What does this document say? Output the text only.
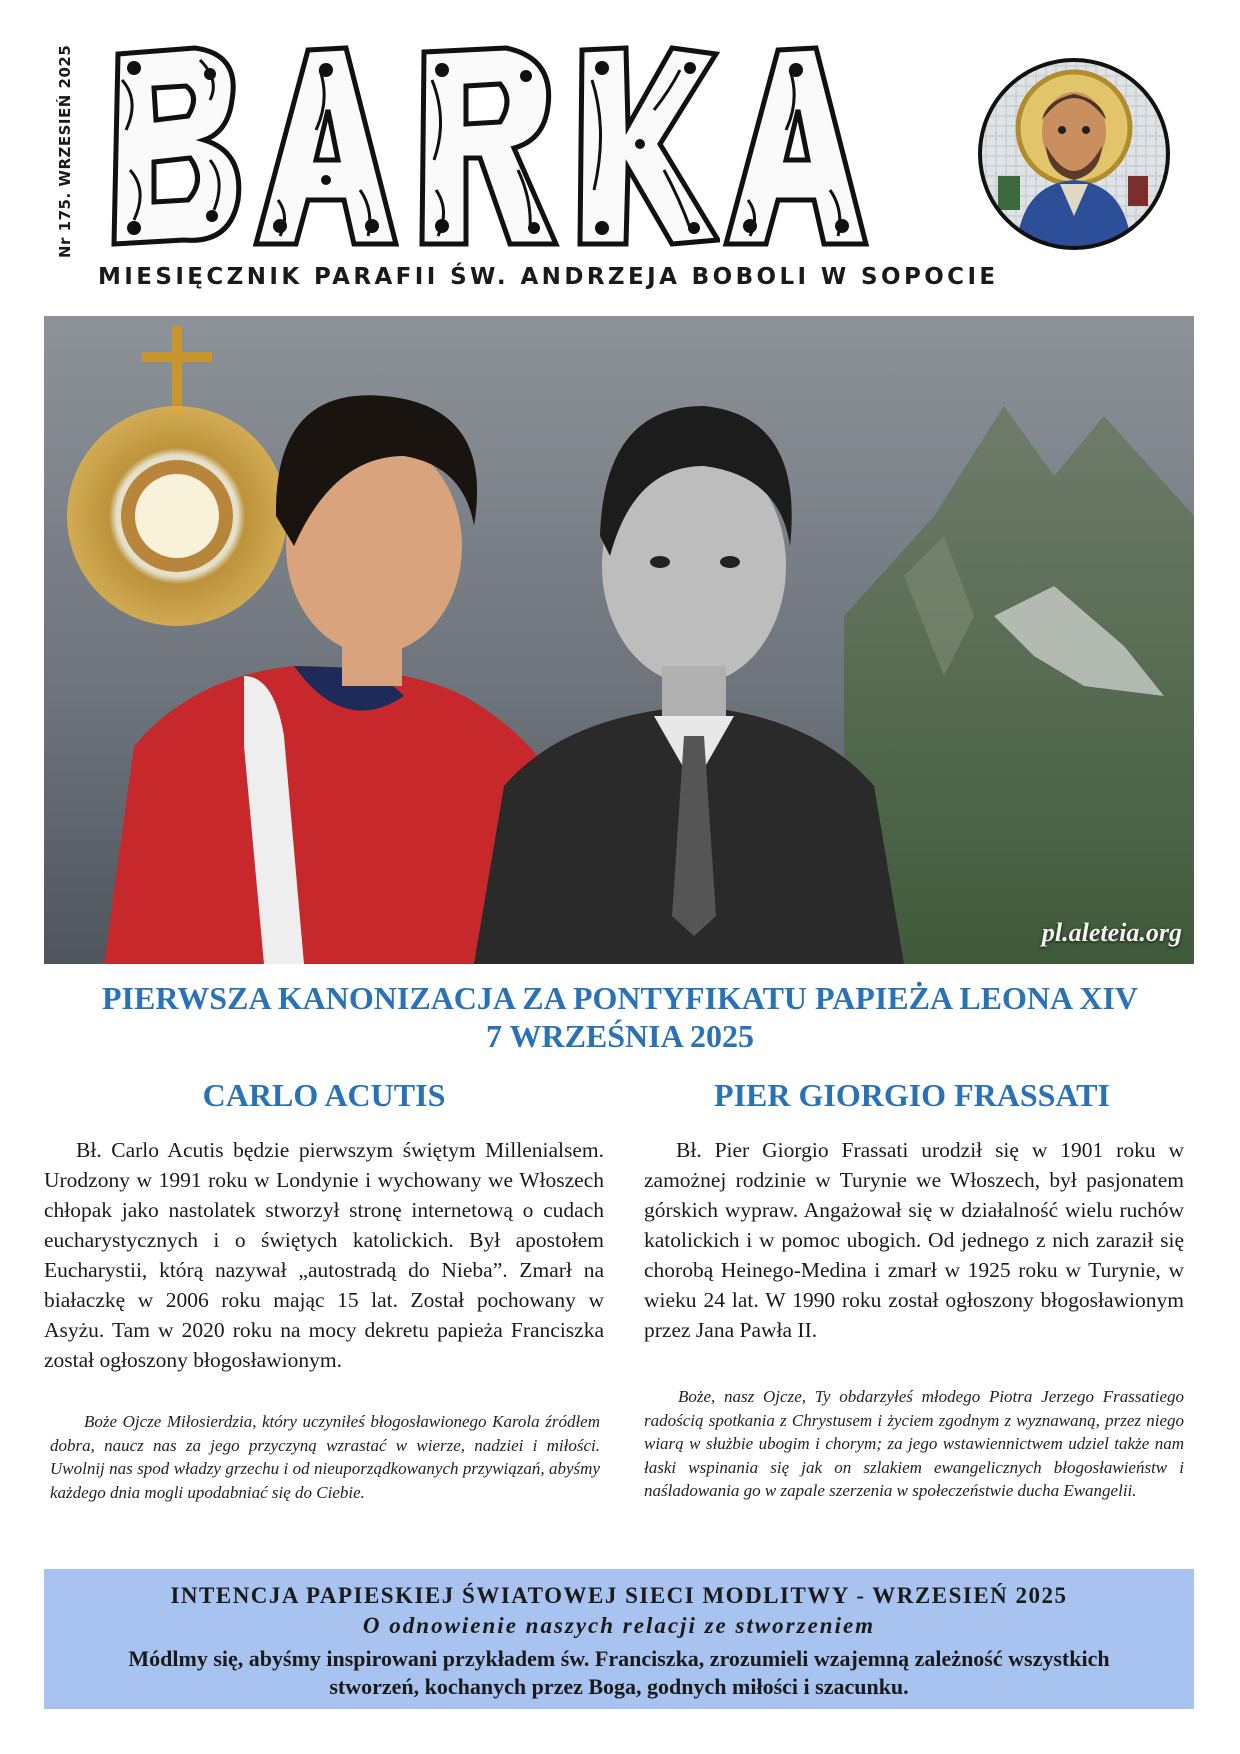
Nr 175. WRZESIEŃ 2025
MIESIĘCZNIK PARAFII ŚW. ANDRZEJA BOBOLI W SOPOCIE
pl.aleteia.org
PIERWSZA KANONIZACJA ZA PONTYFIKATU PAPIEŻA LEONA XIV
7 WRZEŚNIA 2025
CARLO ACUTIS	PIER GIORGIO FRASSATI

Bł. Carlo Acutis będzie pierwszym świętym Millenialsem. Urodzony w 1991 roku w Londynie i wychowany we Włoszech chłopak jako nastolatek stworzył stronę internetową o cudach eucharystycznych i o świętych katolickich. Był apostołem Eucharystii, którą nazywał „autostradą do Nieba”. Zmarł na białaczkę w 2006 roku mając 15 lat. Został pochowany w Asyżu. Tam w 2020 roku na mocy dekretu papieża Franciszka został ogłoszony błogosławionym.

Bł. Pier Giorgio Frassati urodził się w 1901 roku w zamożnej rodzinie w Turynie we Włoszech, był pasjonatem górskich wypraw. Angażował się w działalność wielu ruchów katolickich i w pomoc ubogich. Od jednego z nich zaraził się chorobą Heinego-Medina i zmarł w 1925 roku w Turynie, w wieku 24 lat. W 1990 roku został ogłoszony błogosławionym przez Jana Pawła II.

Boże Ojcze Miłosierdzia, który uczyniłeś błogosławionego Karola źródłem dobra, naucz nas za jego przyczyną wzrastać w wierze, nadziei i miłości. Uwolnij nas spod władzy grzechu i od nieuporządkowanych przywiązań, abyśmy każdego dnia mogli upodabniać się do Ciebie.

Boże, nasz Ojcze, Ty obdarzyłeś młodego Piotra Jerzego Frassatiego radością spotkania z Chrystusem i życiem zgodnym z wyznawaną, przez niego wiarą w służbie ubogim i chorym; za jego wstawiennictwem udziel także nam łaski wspinania się jak on szlakiem ewangelicznych błogosławieństw i naśladowania go w zapale szerzenia w społeczeństwie ducha Ewangelii.

INTENCJA PAPIESKIEJ ŚWIATOWEJ SIECI MODLITWY - WRZESIEŃ 2025
O odnowienie naszych relacji ze stworzeniem
Módlmy się, abyśmy inspirowani przykładem św. Franciszka, zrozumieli wzajemną zależność wszystkich stworzeń, kochanych przez Boga, godnych miłości i szacunku.
